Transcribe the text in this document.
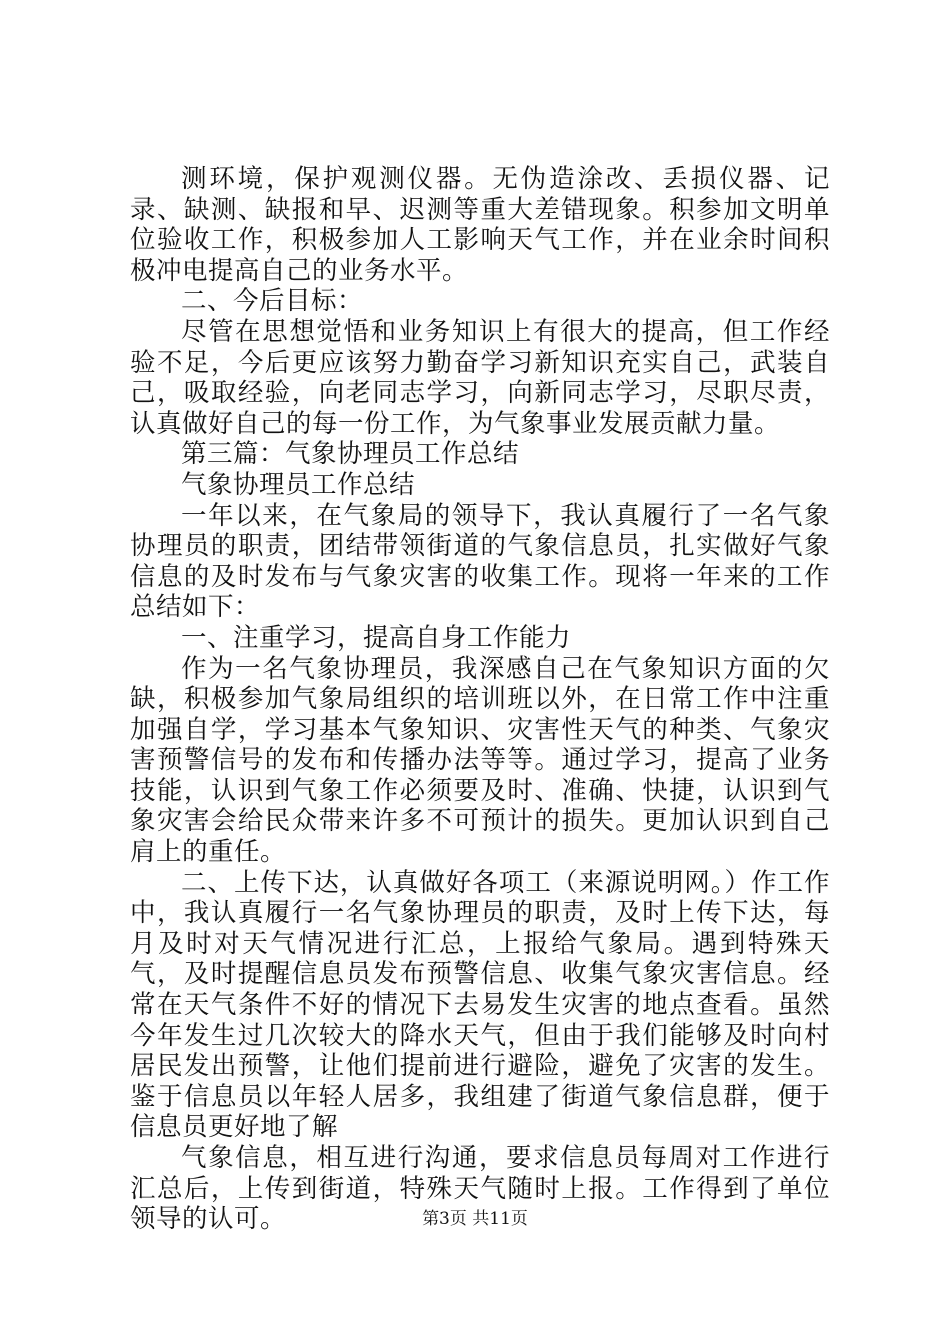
测环境，保护观测仪器。无伪造涂改、丢损仪器、记录、缺测、缺报和早、迟测等重大差错现象。积参加文明单位验收工作，积极参加人工影响天气工作，并在业余时间积极冲电提高自己的业务水平。

二、今后目标：

尽管在思想觉悟和业务知识上有很大的提高，但工作经验不足，今后更应该努力勤奋学习新知识充实自己，武装自己，吸取经验，向老同志学习，向新同志学习，尽职尽责，认真做好自己的每一份工作，为气象事业发展贡献力量。

第三篇：气象协理员工作总结

气象协理员工作总结

一年以来，在气象局的领导下，我认真履行了一名气象协理员的职责，团结带领街道的气象信息员，扎实做好气象信息的及时发布与气象灾害的收集工作。现将一年来的工作总结如下：

一、注重学习，提高自身工作能力

作为一名气象协理员，我深感自己在气象知识方面的欠缺，积极参加气象局组织的培训班以外，在日常工作中注重加强自学，学习基本气象知识、灾害性天气的种类、气象灾害预警信号的发布和传播办法等等。通过学习，提高了业务技能，认识到气象工作必须要及时、准确、快捷，认识到气象灾害会给民众带来许多不可预计的损失。更加认识到自己肩上的重任。

二、上传下达，认真做好各项工（来源说明网。）作工作中，我认真履行一名气象协理员的职责，及时上传下达，每月及时对天气情况进行汇总，上报给气象局。遇到特殊天气，及时提醒信息员发布预警信息、收集气象灾害信息。经常在天气条件不好的情况下去易发生灾害的地点查看。虽然今年发生过几次较大的降水天气，但由于我们能够及时向村居民发出预警，让他们提前进行避险，避免了灾害的发生。鉴于信息员以年轻人居多，我组建了街道气象信息群，便于信息员更好地了解

气象信息，相互进行沟通，要求信息员每周对工作进行汇总后，上传到街道，特殊天气随时上报。工作得到了单位领导的认可。	第3页 共11页
